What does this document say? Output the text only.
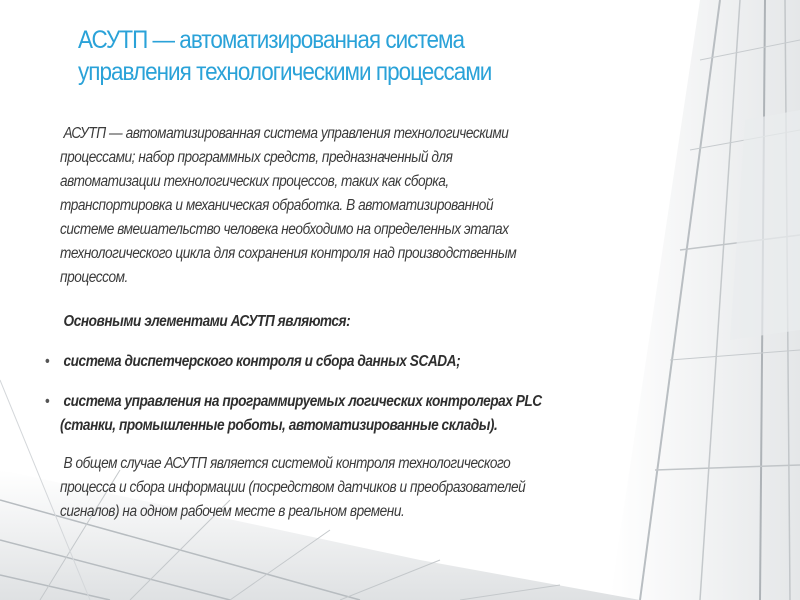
АСУТП — автоматизированная система
управления технологическими процессами

АСУТП — автоматизированная система управления технологическими

процессами; набор программных средств, предназначенный для

автоматизации технологических процессов, таких как сборка,

транспортировка и механическая обработка. В автоматизированной

системе вмешательство человека необходимо на определенных этапах

технологического цикла для сохранения контроля над производственным

процессом.

Основными элементами АСУТП являются:

• система диспетчерского контроля и сбора данных SCADA;

• система управления на программируемых логических контролерах PLC

(станки, промышленные роботы, автоматизированные склады).

В общем случае АСУТП является системой контроля технологического

процесса и сбора информации (посредством датчиков и преобразователей

сигналов) на одном рабочем месте в реальном времени.
